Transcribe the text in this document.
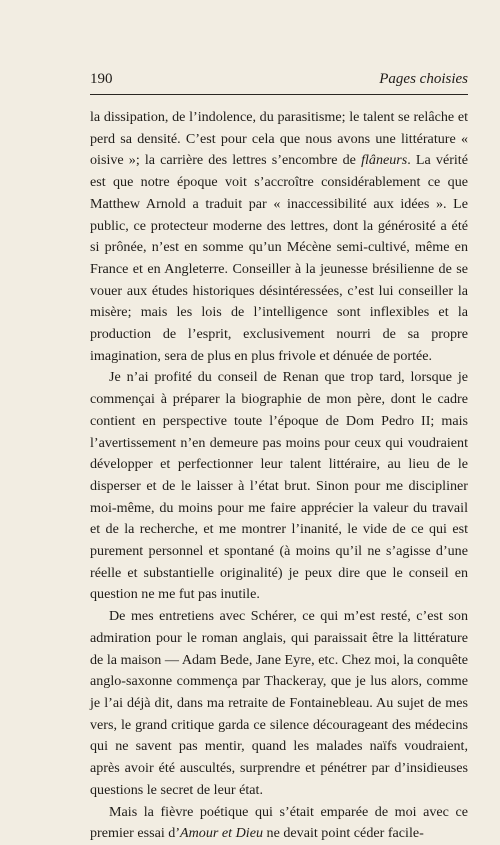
190	Pages choisies

la dissipation, de l’indolence, du parasitisme; le talent se relâche et perd sa densité. C’est pour cela que nous avons une littérature « oisive »; la carrière des lettres s’encombre de flâneurs. La vérité est que notre époque voit s’accroître considérablement ce que Matthew Arnold a traduit par « inaccessibilité aux idées ». Le public, ce protecteur moderne des lettres, dont la générosité a été si prônée, n’est en somme qu’un Mécène semi-cultivé, même en France et en Angleterre. Conseiller à la jeunesse brésilienne de se vouer aux études historiques désintéressées, c’est lui conseiller la misère; mais les lois de l’intelligence sont inflexibles et la production de l’esprit, exclusivement nourri de sa propre imagination, sera de plus en plus frivole et dénuée de portée.

Je n’ai profité du conseil de Renan que trop tard, lorsque je commençai à préparer la biographie de mon père, dont le cadre contient en perspective toute l’époque de Dom Pedro II; mais l’avertissement n’en demeure pas moins pour ceux qui voudraient développer et perfectionner leur talent littéraire, au lieu de le disperser et de le laisser à l’état brut. Sinon pour me discipliner moi-même, du moins pour me faire apprécier la valeur du travail et de la recherche, et me montrer l’inanité, le vide de ce qui est purement personnel et spontané (à moins qu’il ne s’agisse d’une réelle et substantielle originalité) je peux dire que le conseil en question ne me fut pas inutile.

De mes entretiens avec Schérer, ce qui m’est resté, c’est son admiration pour le roman anglais, qui paraissait être la littérature de la maison — Adam Bede, Jane Eyre, etc. Chez moi, la conquête anglo-saxonne commença par Thackeray, que je lus alors, comme je l’ai déjà dit, dans ma retraite de Fontainebleau. Au sujet de mes vers, le grand critique garda ce silence décourageant des médecins qui ne savent pas mentir, quand les malades naïfs voudraient, après avoir été auscultés, surprendre et pénétrer par d’insidieuses questions le secret de leur état.

Mais la fièvre poétique qui s’était emparée de moi avec ce premier essai d’Amour et Dieu ne devait point céder facile-
